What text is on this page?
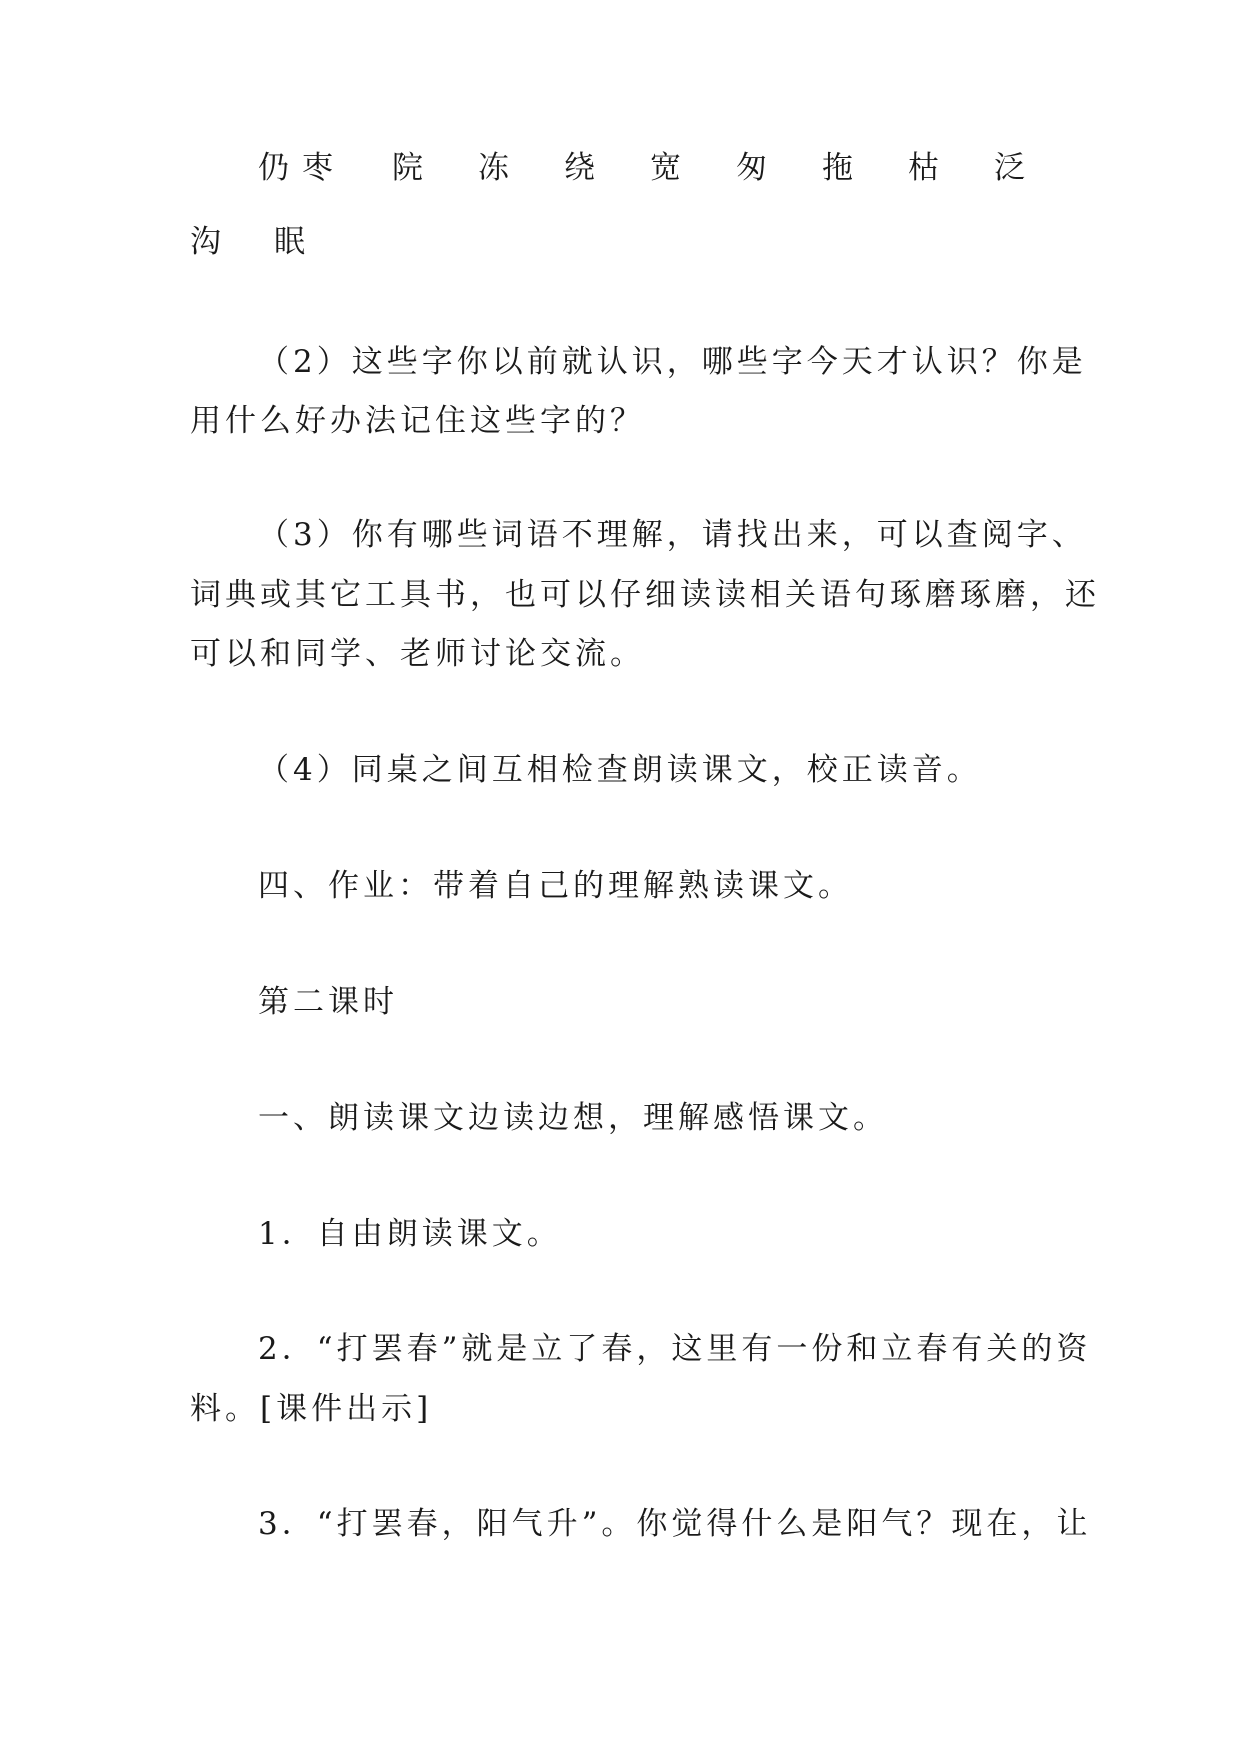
仍 枣 院 冻 绕 宽 匆 拖 枯 泛
沟 眠
（2）这些字你以前就认识，哪些字今天才认识？你是
用什么好办法记住这些字的？
（3）你有哪些词语不理解，请找出来，可以查阅字、
词典或其它工具书，也可以仔细读读相关语句琢磨琢磨，还
可以和同学、老师讨论交流。
（4）同桌之间互相检查朗读课文，校正读音。
四、作业：带着自己的理解熟读课文。
第二课时
一、朗读课文边读边想，理解感悟课文。
1．自由朗读课文。
2．“打罢春”就是立了春，这里有一份和立春有关的资
料。[课件出示]
3．“打罢春，阳气升”。你觉得什么是阳气？现在，让
